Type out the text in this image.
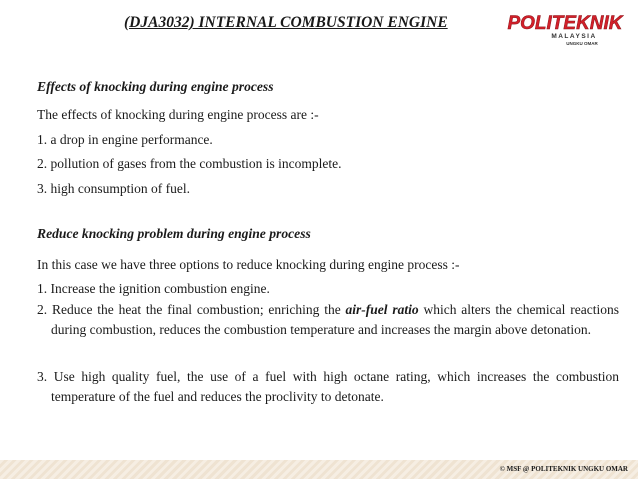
(DJA3032) INTERNAL COMBUSTION ENGINE	POLITEKNIK
MALAYSIA
UNGKU OMAR
Effects of knocking during engine process
The effects of knocking during engine process are :-
1. a drop in engine performance.
2. pollution of gases from the combustion is incomplete.
3. high consumption of fuel.
Reduce knocking problem during engine process
In this case we have three options to reduce knocking during engine process :-
1. Increase the ignition combustion engine.
2. Reduce the heat the final combustion; enriching the air-fuel ratio which alters the chemical reactions during combustion, reduces the combustion temperature and increases the margin above detonation.
3. Use high quality fuel, the use of a fuel with high octane rating, which increases the combustion temperature of the fuel and reduces the proclivity to detonate.
© MSF @ POLITEKNIK UNGKU OMAR
